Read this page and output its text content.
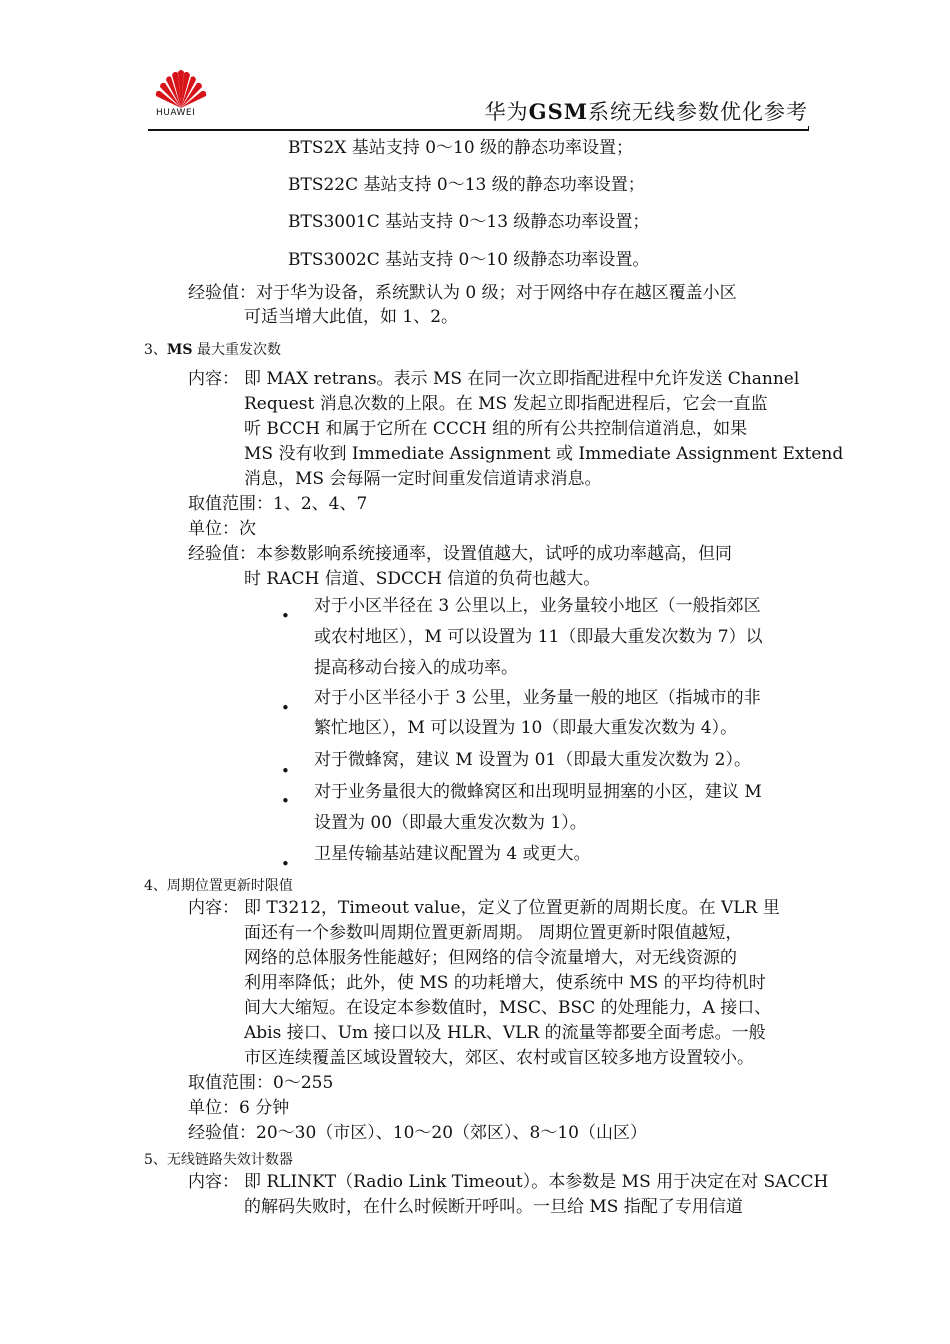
HUAWEI	华为GSM系统无线参数优化参考
BTS2X 基站支持 0～10 级的静态功率设置；
BTS22C 基站支持 0～13 级的静态功率设置；
BTS3001C 基站支持 0～13 级静态功率设置；
BTS3002C 基站支持 0～10 级静态功率设置。
经验值：对于华为设备，系统默认为 0 级；对于网络中存在越区覆盖小区
可适当增大此值，如 1、2。
3、MS 最大重发次数
内容： 即 MAX retrans。表示 MS 在同一次立即指配进程中允许发送 Channel
Request 消息次数的上限。在 MS 发起立即指配进程后，它会一直监
听 BCCH 和属于它所在 CCCH 组的所有公共控制信道消息，如果
MS 没有收到 Immediate Assignment 或 Immediate Assignment Extend
消息，MS 会每隔一定时间重发信道请求消息。
取值范围：1、2、4、7
单位：次
经验值：本参数影响系统接通率，设置值越大，试呼的成功率越高，但同
时 RACH 信道、SDCCH 信道的负荷也越大。
• 对于小区半径在 3 公里以上，业务量较小地区（一般指郊区
或农村地区），M 可以设置为 11（即最大重发次数为 7）以
提高移动台接入的成功率。
• 对于小区半径小于 3 公里，业务量一般的地区（指城市的非
繁忙地区），M 可以设置为 10（即最大重发次数为 4）。
•
对于微蜂窝，建议 M 设置为 01（即最大重发次数为 2）。
• 对于业务量很大的微蜂窝区和出现明显拥塞的小区，建议 M
设置为 00（即最大重发次数为 1）。
• 卫星传输基站建议配置为 4 或更大。
4、周期位置更新时限值
内容： 即 T3212，Timeout value，定义了位置更新的周期长度。在 VLR 里
面还有一个参数叫周期位置更新周期。 周期位置更新时限值越短，
网络的总体服务性能越好；但网络的信令流量增大，对无线资源的
利用率降低；此外，使 MS 的功耗增大，使系统中 MS 的平均待机时
间大大缩短。在设定本参数值时，MSC、BSC 的处理能力，A 接口、
Abis 接口、Um 接口以及 HLR、VLR 的流量等都要全面考虑。一般
市区连续覆盖区域设置较大，郊区、农村或盲区较多地方设置较小。
取值范围：0～255
单位：6 分钟
经验值：20～30（市区）、10～20（郊区）、8～10（山区）
5、无线链路失效计数器
内容： 即 RLINKT（Radio Link Timeout）。本参数是 MS 用于决定在对 SACCH
的解码失败时，在什么时候断开呼叫。一旦给 MS 指配了专用信道
